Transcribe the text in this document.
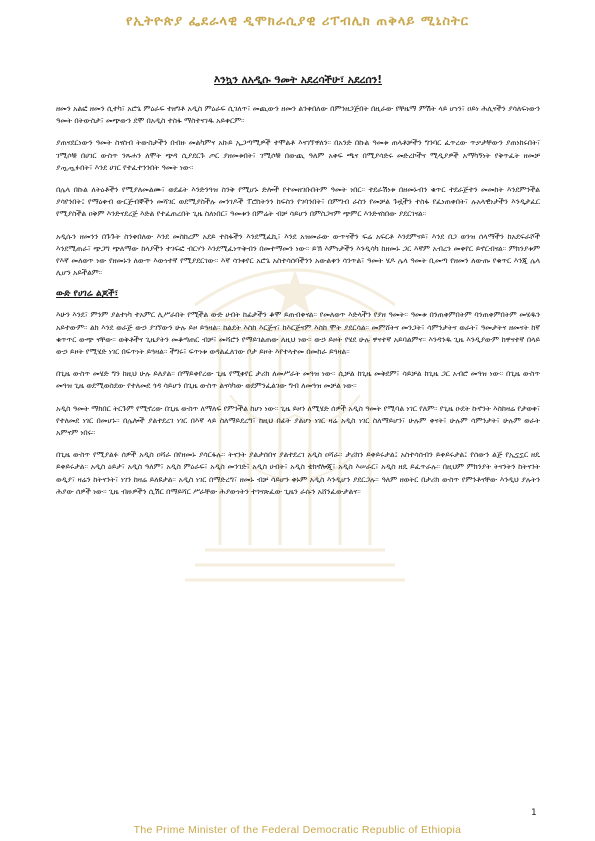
የኢትዮጵያ ፌደራላዊ ዲሞክራሲያዊ ሪፐብሊክ ጠቅላይ ሚኒስትር
እንኳን ለአዲሱ ዓመት አደረሳችሁ፣ አደረሰን!

ዘመን አልፎ ዘመን ሲተካ፣ አሮጌ ምዕራፍ ተዘግቶ አዲስ ምዕራፍ ሲገለጥ፣ መጪውን ዘመን ልንቀበለው በምንዘጋጅበት በዚራው የቸዜማ ምሽት ላይ ሆነን፣ ዐይነ ሕሊናችን ያሳለፍነውን ዓመት በትውስታ፣ መጭውን ደሞ በአዲስ ተስፋ ማስተናገዱ አይቀርም።

ያጠናደርነውን ዓመት ስናስብ ትውስታችን በብዙ መልካምና አኩይ ኢጋጣሚዎች ተሞልቶ እናገኘዋለን። በአንድ በኩል ዓመቱ ጠላቶቻችን ግንባር ፈጥረው ጥቃታቸውን ያጠነከሩበት፣ ገሚሶቹ በሀገር ውስጥ ንጹሐን ለሞት ጭዳ ሲያደርጉ ጦር ያዘመቱበት፣ ገሚሶቹ በውጪ ዓለም አቀፍ ጫና በሚያሳድሩ መድረኮችና ሚዲያዎች አማካኝነት የቅጥፈት ዘመቻ ያጧጧፉበት፣ እንደ ሀገር የተፈተንንበት ዓመት ነው።

በሌላ በኩል ለትዕቶችን የሚያለመልሙ፣ ወደፊት እንድንጓዝ ስንቅ የሚሆኑ ድሎች የተመዘገቡበትም ዓመት ነበር። ተደራሽነቱ በዘመኑብን ቁጥር ተደራጅተን መመከት እንደምንችል ያሳየንበት፤ የማዕቀብ ውርጅብኞችን መሻገር ወደሚያስችሉ መንገዶች ፐሮስትንን ከፍስን የገባንበት፣ በምግብ ራስን የመቻል ጉዟችን ተስፋ የፈነጠቀበት፣ ሉአላዊነታችን እንዲታፈር የሚያስችል ዐቅም እንድናደረጅ እድል የተፈጠረበት ጊዜ ስለነበር፣ ዓመቱን በምሬት ብቻ ሳይሆን በምስጋናም ጭምር እንድናስበው ያደርገናል።

አዲሱን ዘመንን በጉጉት ስንቀበለው እንደ መስከረም አደይ ተስፋችን እንደሚፈኪ፣ እንደ አዝመራው ውጥናችን ፍሬ አፍርቶ እንደምናይ፣ እንደ በጋ ወንዝ ሰላማችን ከአደፍራሾች እንደሚጠራ፣ ጭጋግ ጭለማው ከላያችን ተገፍፎ ብርሃን እንደሚፈነጥቅብን በመተማመን ነው። ይኽ እምነታችን እንዲሳካ ከዘመኑ ጋር እኛም አብረን መቀየር ይኖርብናል። ምክንያቱም የእኛ መለወጥ ነው የዘመኑን ለውጥ እውነተኛ የሚያደርገው። እኛ ሳንቀየር አሮጌ አስተሳሰባችንን አውልቀን ሳንጥል፣ ዓመት ሄዶ ሌላ ዓመት ቢመጣ የዘመን ለውጡ የቁጥር እንጂ ሌላ ሊሆን አይችልም።

ውድ የሀገሬ ልጆች፣

እሁን እንደ፣ ምንም ያልተነካ ተአምር ሊሥራበት የሚችል ውድ ሀብት ከፊታችን ቆሞ ይጠብቀናል። የመለወጥ እድላችን የያዘ ዓመት። ዓመቱ በንጠቀምበትም ባንጠቀምበትም መሄዱን አይተውም። ልክ እንደ ወራጅ ውኃ ያገኘውን ሁሉ ይዞ ይጓዛል። ከልደት እስከ እርጅና፣ ከእርጅናም እስከ ሞት ያደርሳል። መምሸትና መንጋት፣ ሳምንታትና ወራት፣ ዓመታትና ዘመናት ከኛ ቁጥጥር ውጭ ናቸው። ወቅቶችና ጊዜያትን መቆጣጠር ብቻ፣ መሻሮን የማይገልጠው ለዚህ ነው። ውኃ ይዞት የሄደ ሁሉ ዋናተኛ አይባልምና። እንዳንዱ ጊዜ እንዲያውም ከዋናተኛ በላይ ውኃ ይዞት የሚሄድ ነገር በፍጥነት ይጓዛል። ችግሩ፣ ፍጥነቱ ወዳልፈለገው ቦታ ይዞት እየተላተመ በመከራ ይጓዛል።

በጊዜ ውስጥ መሄድ ግን ከዚህ ሁሉ ይለያል። በማይቀየረው ጊዜ የሚቀየር ታሪክ ለመሥራት መጓዝ ነው። ሲቻል ከጊዜ መቅደም፣ ሳይቻል ከጊዜ ጋር አብሮ መጓዝ ነው። በጊዜ ውስጥ መጓዝ ጊዜ ወደሚወስደው የተለመደ ጎዳ ሳይሆን በጊዜ ውስጥ ልናሳካው ወደምንፈልገው ግብ ለመጓዝ መቻል ነው።

አዲስ ዓመት ማክበር ትርጉም የሚኖረው በጊዜ ውስጥ ለማለፍ የምንችል ከሆነ ነው። ጊዜ ይዞን ለሚሄድ ሰዎች አዲስ ዓመት የሚባል ነገር የለም። የጊዜ ዑደት ኩኖንት እስከዛሬ የታወቀ፣ የተለመደ ነገር በመሆኑ። በሌሎች ያልተደረገ ነገር በእኛ ላይ ስለማይደረግ፣ ከዚህ በፊት ያልሆነ ነገር ዛሬ አዲስ ነገር ስለማይሆን፣ ሁሉም ቀናት፣ ሁሉም ሳምንታት፣ ሁሉም ወራት አምናም ነበሩ።

በጊዜ ውስጥ የሚያልፉ ሰዎች አዲስ ዐሻራ በየዘመኑ ያሳርፋሉ። ትናንት ያልታሰበና ያልተደረገ አዲስ ዐሻራ። ታሪክን ይቀይሩታል፤ አስተሳሰብን ይቀይሩታል፤ የሰውን ልጅ የኢኗኗር ዘዴ ይቀይሩታል። አዲስ ዕይታ፣ አዲስ ዓለም፣ አዲስ ምዕራፍ፣ አዲስ መንገድ፣ አዲስ ሀብት፣ አዲስ ቴክኖሎጂ፣ አዲስ እሠራር፣ አዲስ ዘዴ ይፈጥራሉ። በዚህም ምክንያት ትናንትን ከትናንት ወዲያ፣ ዛሬን ከትናንት፣ ነገን ከዛሬ ይለዩታል። አዲስ ነገር በማድረግ፣ ዘመኑ ብቻ ሳይሆን ቀኑም አዲስ እንዲሆን ያደርጋሉ። ዓለም ዘወትር በታሪክ ውስጥ የምንቶናቸው እንዲህ ያሉትን ሕያው ሰዎች ነው። ጊዜ ብዙዎችን ሲሽር በማይሻር ሥራቸው ሕያውነትን ተጎናጽፈው ጊዜን ራሱን አሸንፈውታልና።

1
The Prime Minister of the Federal Democratic Republic of Ethiopia
